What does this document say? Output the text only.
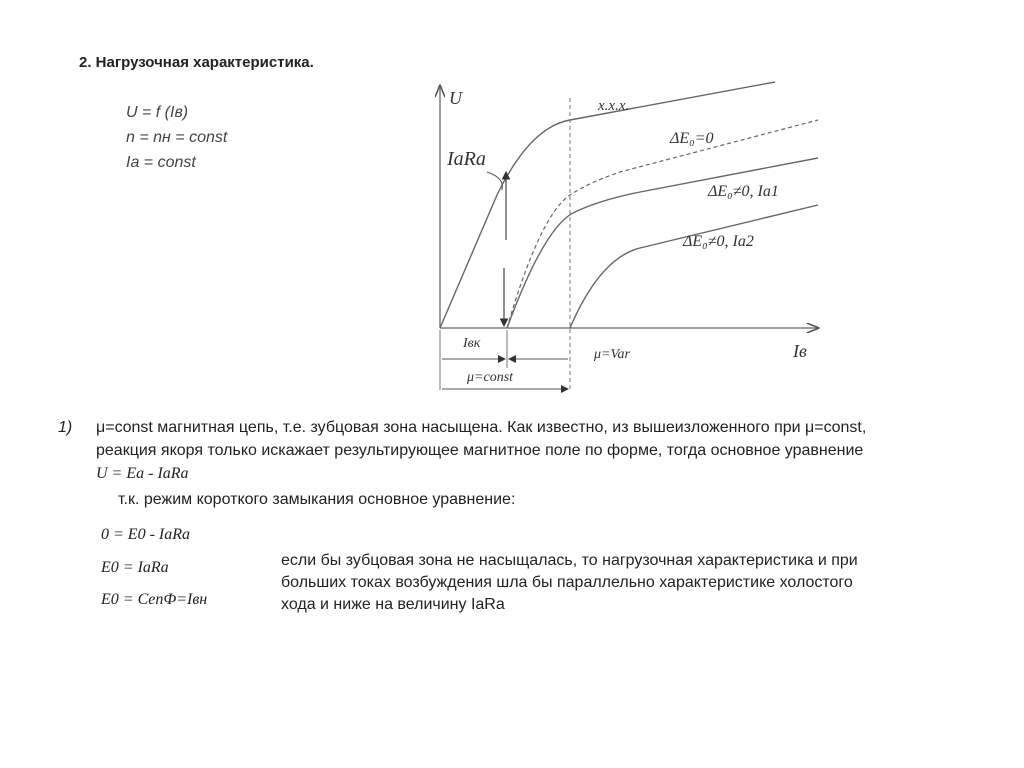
2. Нагрузочная характеристика.
U = f (Iв)
n = nн = const
Iа = const
U
Iв
х.х.х.
ΔE₀=0
ΔE₀≠0, Iа1
ΔE₀≠0, Iа2
IаRа
Iвк
μ=const
μ=Var
1) μ=const магнитная цепь, т.е. зубцовая зона насыщена. Как известно, из вышеизложенного при μ=const,
реакция якоря только искажает результирующее магнитное поле по форме, тогда основное уравнение
U = Eа - IаRа
т.к. режим короткого замыкания основное уравнение:
0 = E0 - IаRа
E0 = IаRа
E0 = CеnФ=Iвн
если бы зубцовая зона не насыщалась, то нагрузочная характеристика и при
больших токах возбуждения шла бы параллельно характеристике холостого
хода и ниже на величину IаRа
